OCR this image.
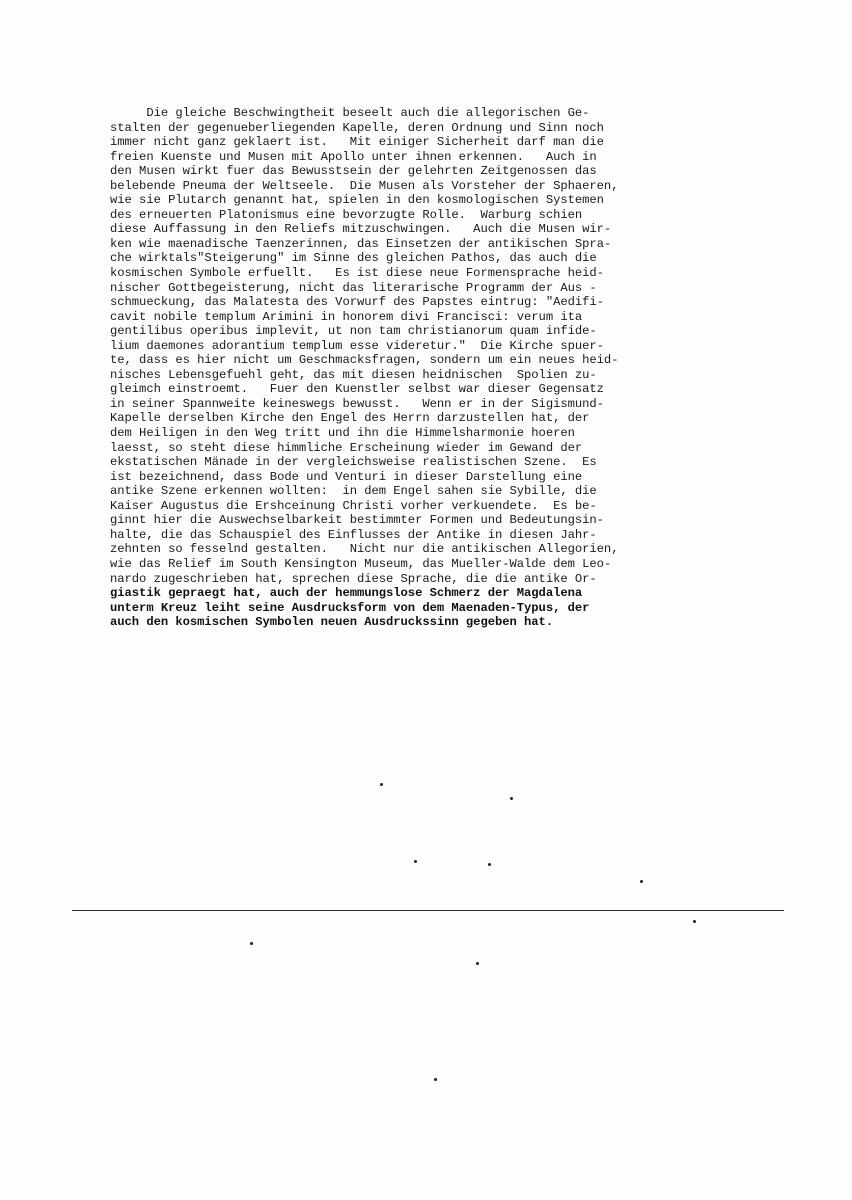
Die gleiche Beschwingtheit beseelt auch die allegorischen Ge-
stalten der gegenueberliegenden Kapelle, deren Ordnung und Sinn noch
immer nicht ganz geklaert ist.   Mit einiger Sicherheit darf man die
freien Kuenste und Musen mit Apollo unter ihnen erkennen.   Auch in
den Musen wirkt fuer das Bewusstsein der gelehrten Zeitgenossen das
belebende Pneuma der Weltseele.  Die Musen als Vorsteher der Sphaeren,
wie sie Plutarch genannt hat, spielen in den kosmologischen Systemen
des erneuerten Platonismus eine bevorzugte Rolle.  Warburg schien
diese Auffassung in den Reliefs mitzuschwingen.   Auch die Musen wir-
ken wie maenadische Taenzerinnen, das Einsetzen der antikischen Spra-
che wirktals"Steigerung" im Sinne des gleichen Pathos, das auch die
kosmischen Symbole erfuellt.   Es ist diese neue Formensprache heid-
nischer Gottbegeisterung, nicht das literarische Programm der Aus -
schmueckung, das Malatesta des Vorwurf des Papstes eintrug: "Aedifi-
cavit nobile templum Arimini in honorem divi Francisci: verum ita
gentilibus operibus implevit, ut non tam christianorum quam infide-
lium daemones adorantium templum esse videretur."  Die Kirche spuer-
te, dass es hier nicht um Geschmacksfragen, sondern um ein neues heid-
nisches Lebensgefuehl geht, das mit diesen heidnischen  Spolien zu-
gleimch einstroemt.   Fuer den Kuenstler selbst war dieser Gegensatz
in seiner Spannweite keineswegs bewusst.   Wenn er in der Sigismund-
Kapelle derselben Kirche den Engel des Herrn darzustellen hat, der
dem Heiligen in den Weg tritt und ihn die Himmelsharmonie hoeren
laesst, so steht diese himmliche Erscheinung wieder im Gewand der
ekstatischen Mänade in der vergleichsweise realistischen Szene.  Es
ist bezeichnend, dass Bode und Venturi in dieser Darstellung eine
antike Szene erkennen wollten:  in dem Engel sahen sie Sybille, die
Kaiser Augustus die Ershceinung Christi vorher verkuendete.  Es be-
ginnt hier die Auswechselbarkeit bestimmter Formen und Bedeutungsin-
halte, die das Schauspiel des Einflusses der Antike in diesen Jahr-
zehnten so fesselnd gestalten.   Nicht nur die antikischen Allegorien,
wie das Relief im South Kensington Museum, das Mueller-Walde dem Leo-
nardo zugeschrieben hat, sprechen diese Sprache, die die antike Or-
giastik gepraegt hat, auch der hemmungslose Schmerz der Magdalena
unterm Kreuz leiht seine Ausdrucksform von dem Maenaden-Typus, der
auch den kosmischen Symbolen neuen Ausdruckssinn gegeben hat.
